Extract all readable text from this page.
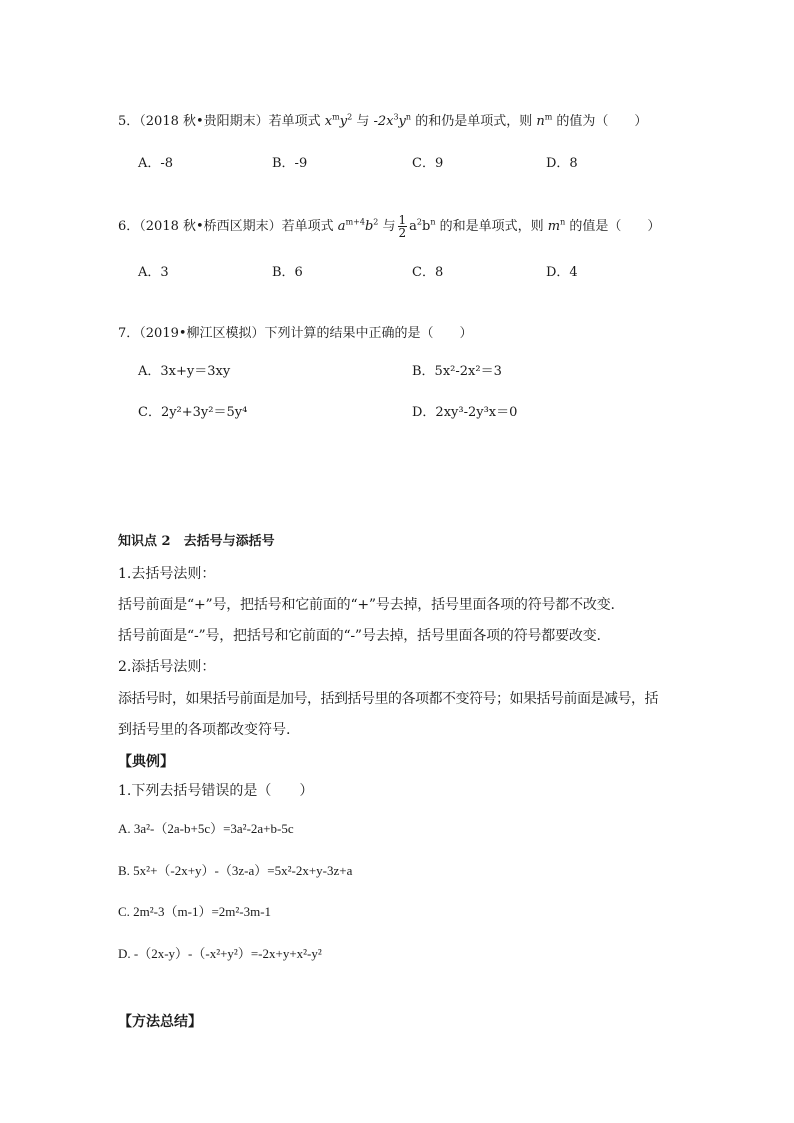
5．（2018 秋•贵阳期末）若单项式 $x^my^2$ 与 $-2x^3y^n$ 的和仍是单项式，则 $n^m$ 的值为（　　）
A．-8	B．-9	C．9	D．8
6．（2018 秋•桥西区期末）若单项式 $a^{m+4}b^2$ 与 $\frac{1}{2} a^2b^n$ 的和是单项式，则 $m^n$ 的值是（　　）
A．3	B．6	C．8	D．4
7．（2019•柳江区模拟）下列计算的结果中正确的是（　　）
A．3x+y＝3xy	B．5x²-2x²＝3
C．2y²+3y²＝5y⁴	D．2xy³-2y³x＝0
知识点 2　去括号与添括号
1.去括号法则：
括号前面是“+”号，把括号和它前面的“+”号去掉，括号里面各项的符号都不改变.
括号前面是“-”号，把括号和它前面的“-”号去掉，括号里面各项的符号都要改变.
2.添括号法则：
添括号时，如果括号前面是加号，括到括号里的各项都不变符号；如果括号前面是减号，括
到括号里的各项都改变符号.
【典例】
1.下列去括号错误的是（　　）
A. 3a²-（2a-b+5c）=3a²-2a+b-5c
B. 5x²+（-2x+y）-（3z-a）=5x²-2x+y-3z+a
C. 2m²-3（m-1）=2m²-3m-1
D. -（2x-y）-（-x²+y²）=-2x+y+x²-y²
【方法总结】
